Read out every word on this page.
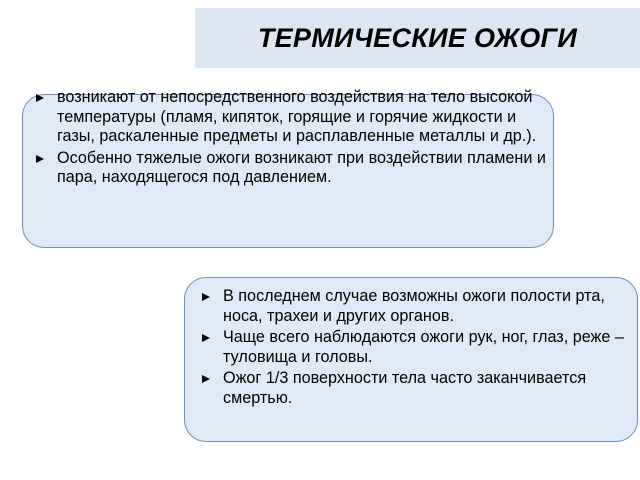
ТЕРМИЧЕСКИЕ ОЖОГИ
возникают от непосредственного воздействия на тело высокой температуры (пламя, кипяток, горящие и горячие жидкости и газы, раскаленные предметы и расплавленные металлы и др.).
Особенно тяжелые ожоги возникают при воздействии пламени и пара, находящегося под давлением.
В последнем случае возможны ожоги полости рта, носа, трахеи и других органов.
Чаще всего наблюдаются ожоги рук, ног, глаз, реже – туловища и головы.
Ожог 1/3 поверхности тела часто заканчивается смертью.
